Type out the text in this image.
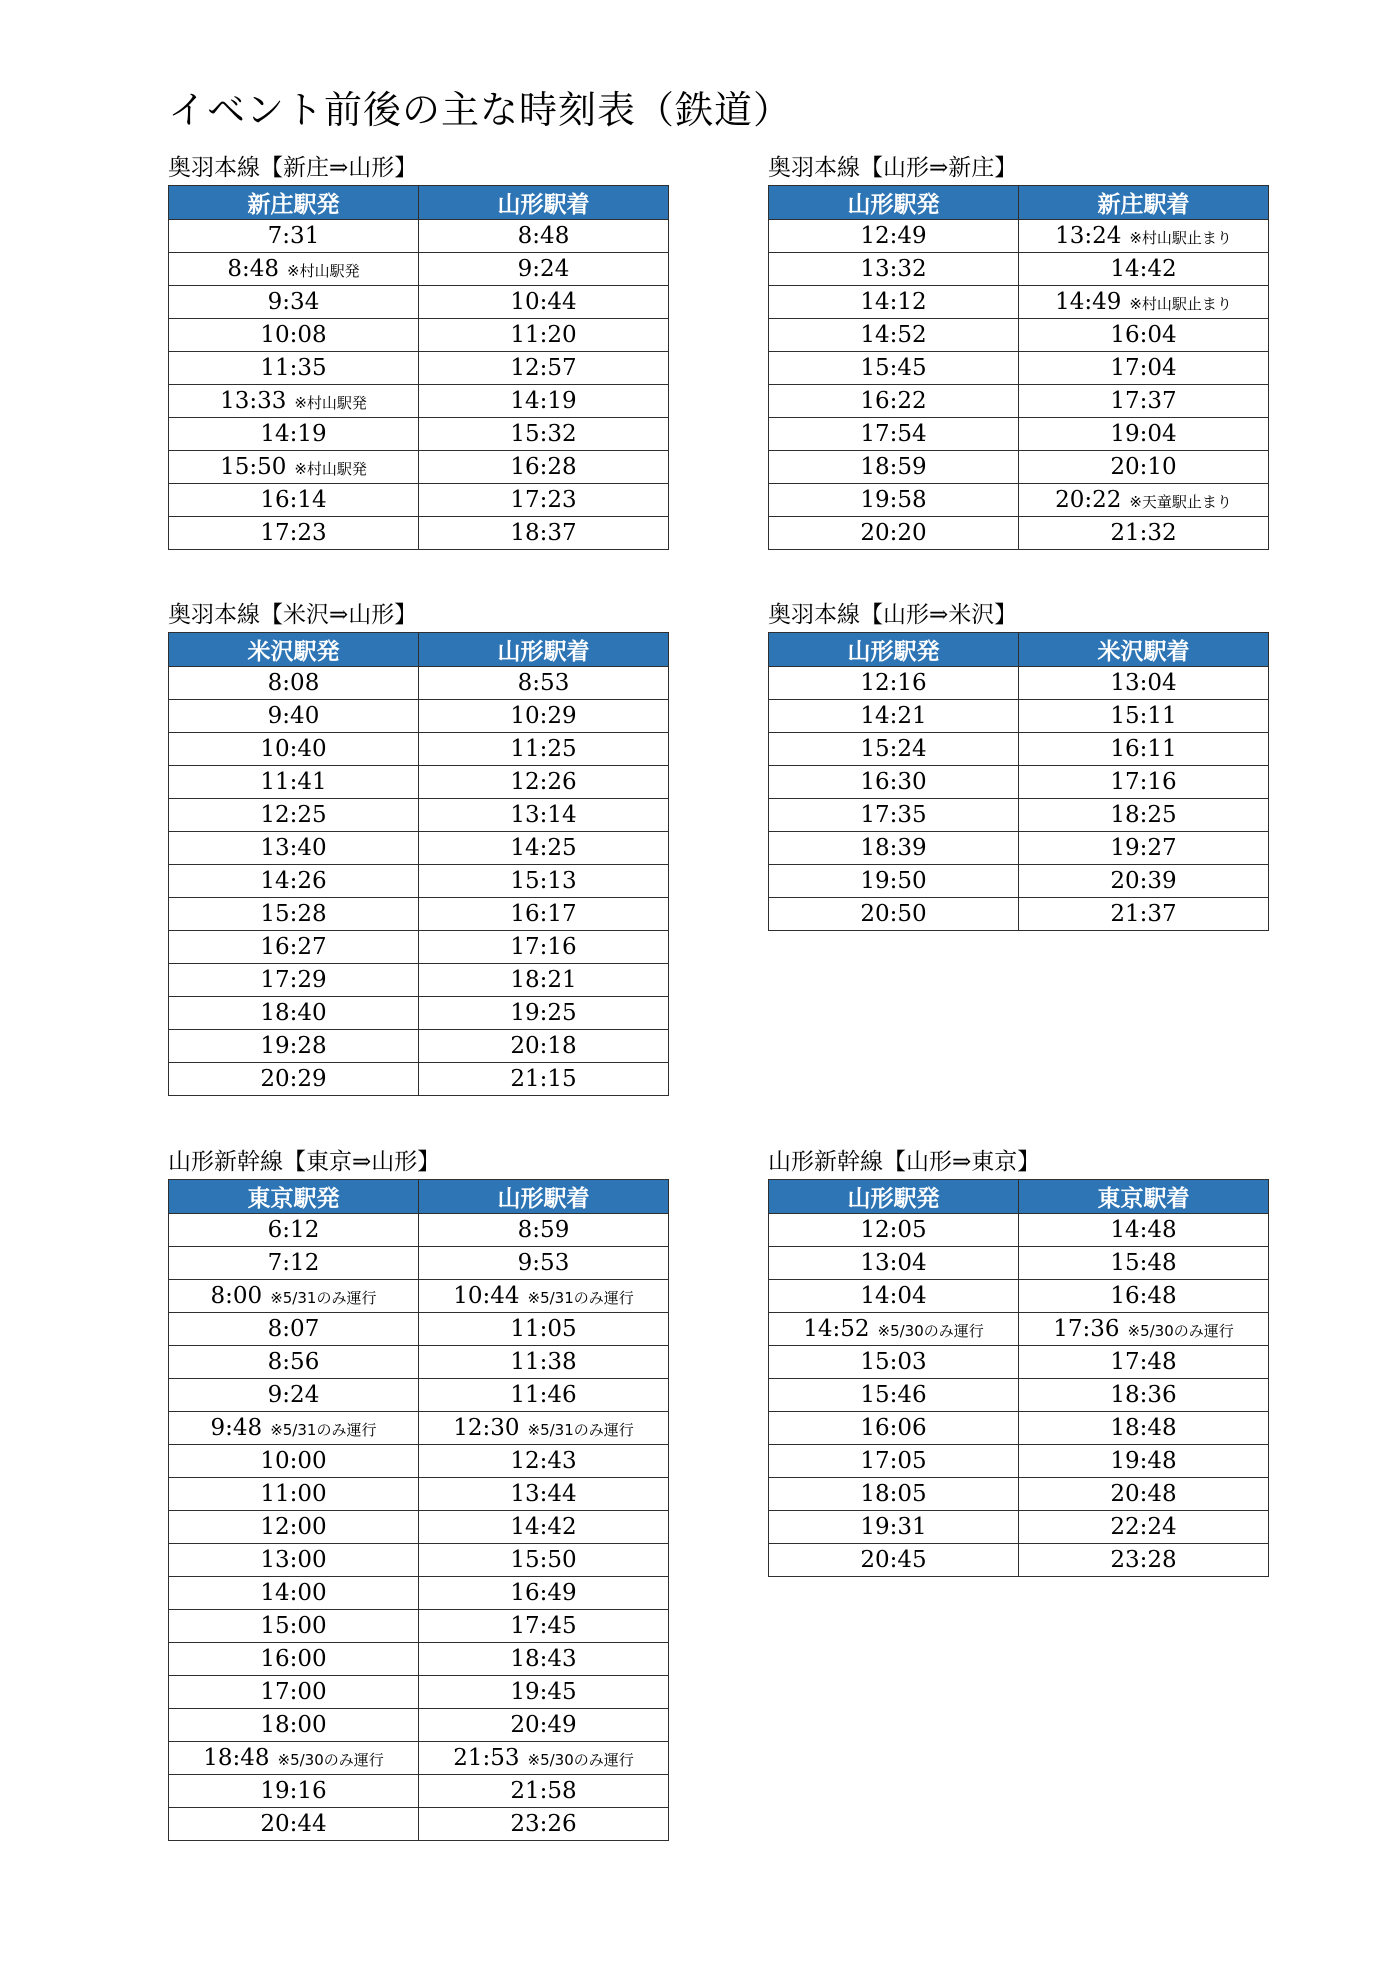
イベント前後の主な時刻表（鉄道）
奥羽本線【新庄⇒山形】
新庄駅発	山形駅着
7:31	8:48
8:48 ※村山駅発	9:24
9:34	10:44
10:08	11:20
11:35	12:57
13:33 ※村山駅発	14:19
14:19	15:32
15:50 ※村山駅発	16:28
16:14	17:23
17:23	18:37
奥羽本線【山形⇒新庄】
山形駅発	新庄駅着
12:49	13:24 ※村山駅止まり
13:32	14:42
14:12	14:49 ※村山駅止まり
14:52	16:04
15:45	17:04
16:22	17:37
17:54	19:04
18:59	20:10
19:58	20:22 ※天童駅止まり
20:20	21:32
奥羽本線【米沢⇒山形】
米沢駅発	山形駅着
8:08	8:53
9:40	10:29
10:40	11:25
11:41	12:26
12:25	13:14
13:40	14:25
14:26	15:13
15:28	16:17
16:27	17:16
17:29	18:21
18:40	19:25
19:28	20:18
20:29	21:15
奥羽本線【山形⇒米沢】
山形駅発	米沢駅着
12:16	13:04
14:21	15:11
15:24	16:11
16:30	17:16
17:35	18:25
18:39	19:27
19:50	20:39
20:50	21:37
山形新幹線【東京⇒山形】
東京駅発	山形駅着
6:12	8:59
7:12	9:53
8:00 ※5/31のみ運行	10:44 ※5/31のみ運行
8:07	11:05
8:56	11:38
9:24	11:46
9:48 ※5/31のみ運行	12:30 ※5/31のみ運行
10:00	12:43
11:00	13:44
12:00	14:42
13:00	15:50
14:00	16:49
15:00	17:45
16:00	18:43
17:00	19:45
18:00	20:49
18:48 ※5/30のみ運行	21:53 ※5/30のみ運行
19:16	21:58
20:44	23:26
山形新幹線【山形⇒東京】
山形駅発	東京駅着
12:05	14:48
13:04	15:48
14:04	16:48
14:52 ※5/30のみ運行	17:36 ※5/30のみ運行
15:03	17:48
15:46	18:36
16:06	18:48
17:05	19:48
18:05	20:48
19:31	22:24
20:45	23:28
